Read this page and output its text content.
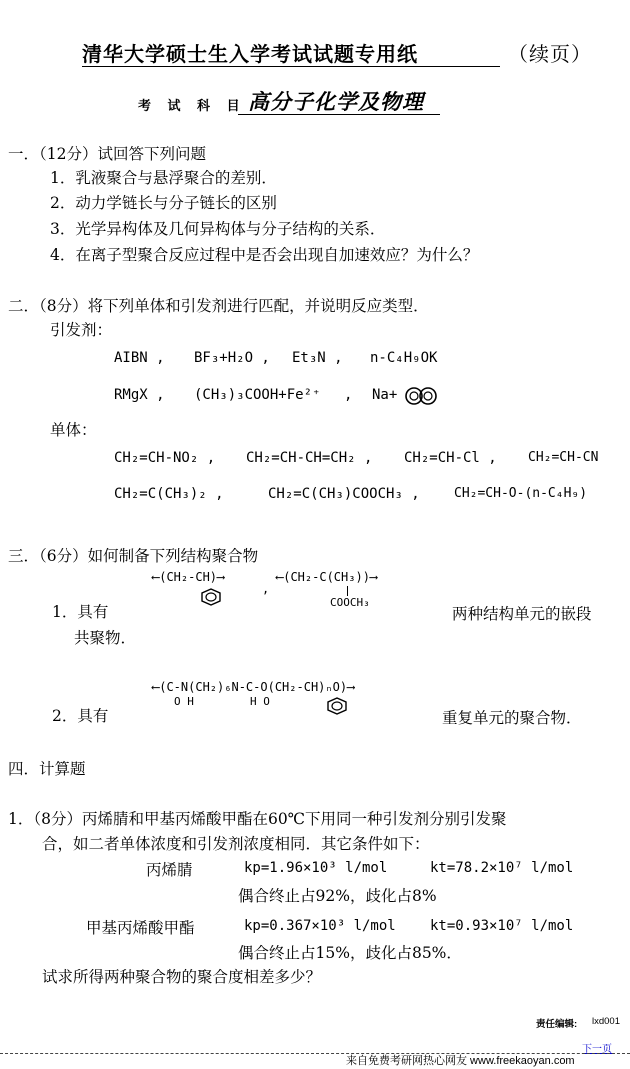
清华大学硕士生入学考试试题专用纸	（续页）
考 试 科 目 高分子化学及物理
一．（12分）试回答下列问题
1．乳液聚合与悬浮聚合的差别．
2．动力学链长与分子链长的区别
3．光学异构体及几何异构体与分子结构的关系．
4．在离子型聚合反应过程中是否会出现自加速效应？为什么？
二．（8分）将下列单体和引发剂进行匹配，并说明反应类型．
引发剂：
AIBN , BF₃+H₂O , Et₃N , n-C₄H₉OK
RMgX , (CH₃)₃COOH+Fe²⁺ , Na+
单体：
CH₂=CH-NO₂ , CH₂=CH-CH=CH₂ , CH₂=CH-Cl , CH₂=CH-CN
CH₂=C(CH₃)₂ ,	CH₂=C(CH₃)COOCH₃ ,	CH₂=CH-O-(n-C₄H₉)
三．（6分）如何制备下列结构聚合物
⟵(CH₂-CH)⟶
,
⟵(CH₂-C(CH₃))⟶
COOCH₃
1．具有	两种结构单元的嵌段
共聚物．
⟵(C-N(CH₂)₆N-C-O(CH₂-CH)ₙO)⟶
O H	H O
2．具有	重复单元的聚合物．
四．计算题
1．（8分）丙烯腈和甲基丙烯酸甲酯在60℃下用同一种引发剂分别引发聚
合，如二者单体浓度和引发剂浓度相同．其它条件如下：
丙烯腈	kp=1.96×10³ l/mol	kt=78.2×10⁷ l/mol
偶合终止占92%，歧化占8%
甲基丙烯酸甲酯	kp=0.367×10³ l/mol kt=0.93×10⁷ l/mol
偶合终止占15%，歧化占85%．
试求所得两种聚合物的聚合度相差多少？
责任编辑: lxd001
下一页
来自免费考研网热心网友 www.freekaoyan.com
